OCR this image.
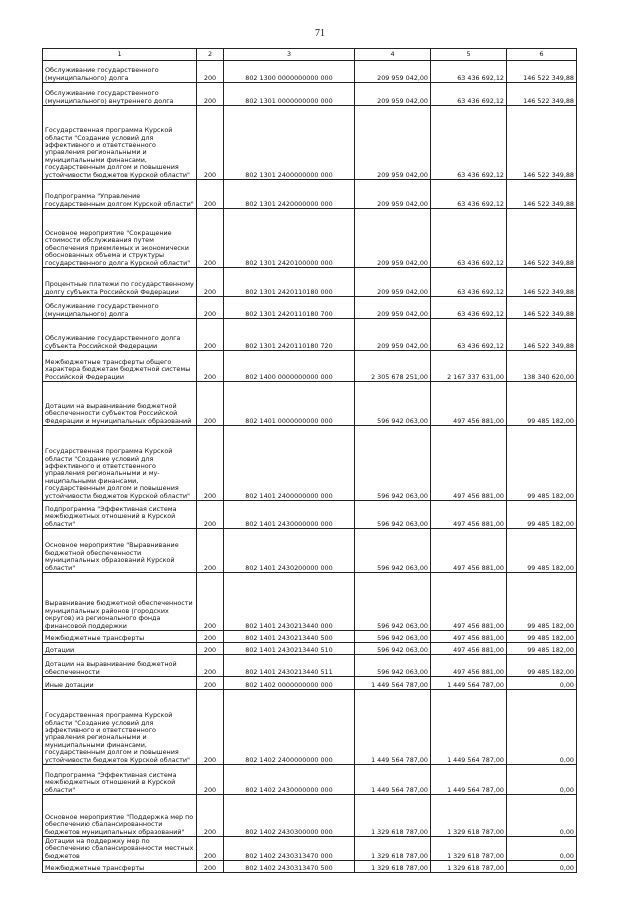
71
1	2	3	4	5	6

Обслуживание государственного (муниципального) долга	200	802 1300 0000000000 000	209 959 042,00	63 436 692,12	146 522 349,88

Обслуживание государственного (муниципального) внутреннего долга	200	802 1301 0000000000 000	209 959 042,00	63 436 692,12	146 522 349,88

Государственная программа Курской области "Создание условий для эффективного и ответственного управления региональными и муниципальными финансами, государственным долгом и повышения устойчивости бюджетов Курской области"	200	802 1301 2400000000 000	209 959 042,00	63 436 692,12	146 522 349,88

Подпрограмма "Управление государственным долгом Курской области"	200	802 1301 2420000000 000	209 959 042,00	63 436 692,12	146 522 349,88

Основное мероприятие "Сокращение стоимости обслуживания путем обеспечения приемлемых и экономически обоснованных объема и структуры государственного долга Курской области"	200	802 1301 2420100000 000	209 959 042,00	63 436 692,12	146 522 349,88

Процентные платежи по государственному долгу субъекта Российской Федерации	200	802 1301 2420110180 000	209 959 042,00	63 436 692,12	146 522 349,88

Обслуживание государственного (муниципального) долга	200	802 1301 2420110180 700	209 959 042,00	63 436 692,12	146 522 349,88

Обслуживание государственного долга субъекта Российской Федерации	200	802 1301 2420110180 720	209 959 042,00	63 436 692,12	146 522 349,88

Межбюджетные трансферты общего характера бюджетам бюджетной системы Российской Федерации	200	802 1400 0000000000 000	2 305 678 251,00	2 167 337 631,00	138 340 620,00

Дотации на выравнивание бюджетной обеспеченности субъектов Российской Федерации и муниципальных образований	200	802 1401 0000000000 000	596 942 063,00	497 456 881,00	99 485 182,00

Государственная программа Курской области "Создание условий для эффективного и ответственного управления региональными и му-ниципальными финансами, государственным долгом и повышения устойчивости бюджетов Курской области"	200	802 1401 2400000000 000	596 942 063,00	497 456 881,00	99 485 182,00

Подпрограмма "Эффективная система межбюджетных отношений в Курской области"	200	802 1401 2430000000 000	596 942 063,00	497 456 881,00	99 485 182,00

Основное мероприятие "Выравнивание бюджетной обеспеченности муниципальных образований Курской области"	200	802 1401 2430200000 000	596 942 063,00	497 456 881,00	99 485 182,00

Выравнивание бюджетной обеспеченности муниципальных районов (городских округов) из регионального фонда финансовой поддержки	200	802 1401 2430213440 000	596 942 063,00	497 456 881,00	99 485 182,00

Межбюджетные трансферты	200	802 1401 2430213440 500	596 942 063,00	497 456 881,00	99 485 182,00

Дотации	200	802 1401 2430213440 510	596 942 063,00	497 456 881,00	99 485 182,00

Дотации на выравнивание бюджетной обеспеченности	200	802 1401 2430213440 511	596 942 063,00	497 456 881,00	99 485 182,00

Иные дотации	200	802 1402 0000000000 000	1 449 564 787,00	1 449 564 787,00	0,00

Государственная программа Курской области "Создание условий для эффективного и ответственного управления региональными и муниципальными финансами, государственным долгом и повышения устойчивости бюджетов Курской области"	200	802 1402 2400000000 000	1 449 564 787,00	1 449 564 787,00	0,00

Подпрограмма "Эффективная система межбюджетных отношений в Курской области"	200	802 1402 2430000000 000	1 449 564 787,00	1 449 564 787,00	0,00

Основное мероприятие "Поддержка мер по обеспечению сбалансированности бюджетов муниципальных образований"	200	802 1402 2430300000 000	1 329 618 787,00	1 329 618 787,00	0,00

Дотации на поддержку мер по обеспечению сбалансированности местных бюджетов	200	802 1402 2430313470 000	1 329 618 787,00	1 329 618 787,00	0,00

Межбюджетные трансферты	200	802 1402 2430313470 500	1 329 618 787,00	1 329 618 787,00	0,00
